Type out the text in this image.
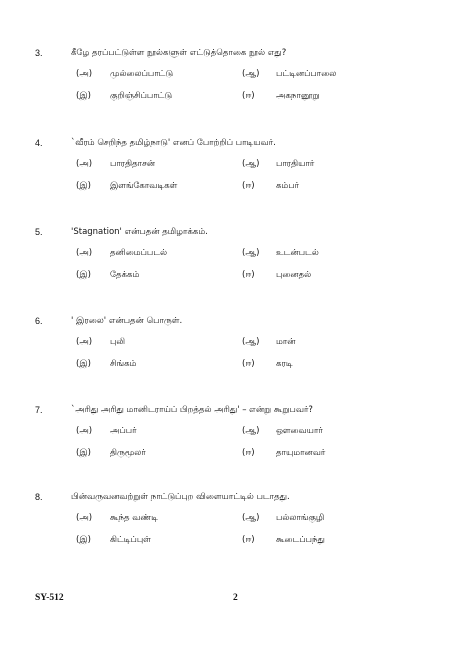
3.	கீழே தரப்பட்டுள்ள நூல்களுள் எட்டுத்தொகை நூல் எது?
(அ) முல்லைப்பாட்டு	(ஆ) பட்டினப்பாலை
(இ) குறிஞ்சிப்பாட்டு	(ஈ)	அகநானூறு
4.	`வீரம் செறிந்த தமிழ்நாடு' எனப் போற்றிப் பாடியவர்.
(அ) பாரதிதாசன்	(ஆ) பாரதியார்
(இ) இளங்கோவடிகள்	(ஈ)	கம்பர்
5.	'Stagnation' என்பதன் தமிழாக்கம்.
(அ) தனிமைப்படல்	(ஆ) உடன்படல்
(இ) தேக்கம்	(ஈ)	புனைதல்
6.	' இரலை' என்பதன் பொருள்.
(அ) புலி	(ஆ) மான்
(இ) சிங்கம்	(ஈ)	கரடி
7.	`அரிது அரிது மானிடராய்ப் பிறத்தல் அரிது' – என்று கூறுபவர்?
(அ) அப்பர்	(ஆ) ஔவையார்
(இ) திருமூலர்	(ஈ)	தாயுமானவர்
8.	பின்வருவனவற்றுள் நாட்டுப்புற விளையாட்டில் படாதது.
(அ) கூந்த வண்டி	(ஆ) பல்லாங்குழி
(இ) கிட்டிப்புள்	(ஈ)	கூடைப்பந்து
SY-512	2
